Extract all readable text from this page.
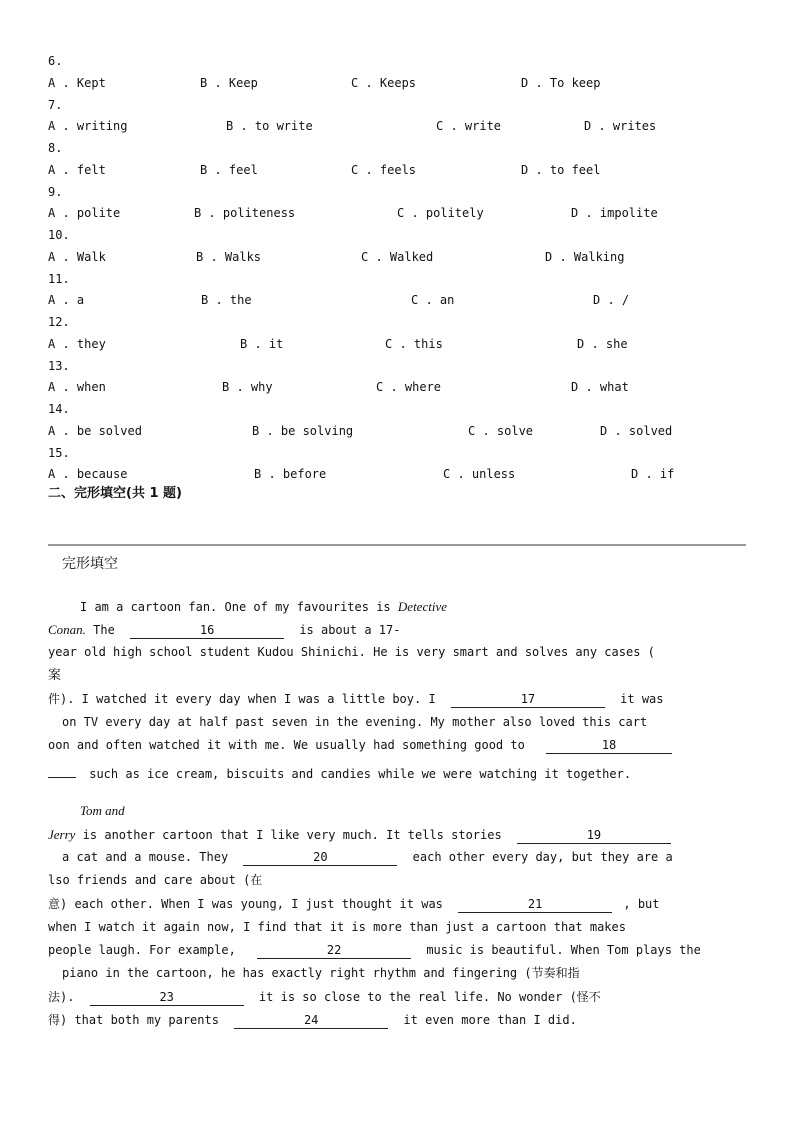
6.
A . Kept	B . Keep	C . Keeps	D . To keep
7.
A . writing	B . to write	C . write	D . writes
8.
A . felt	B . feel	C . feels	D . to feel
9.
A . polite	B . politeness	C . politely	D . impolite
10.
A . Walk	B . Walks	C . Walked	D . Walking
11.
A . a	B . the	C . an	D . /
12.
A . they	B . it	C . this	D . she
13.
A . when	B . why	C . where	D . what
14.
A . be solved	B . be solving	C . solve	D . solved
15.
A . because	B . before	C . unless	D . if
二、完形填空(共 1 题)
完形填空
I am a cartoon fan. One of my favourites is Detective
Conan. The	16	is about a 17-
year old high school student Kudou Shinichi. He is very smart and solves any cases (
案
件). I watched it every day when I was a little boy. I	17	it was
on TV every day at half past seven in the evening. My mother also loved this cart
oon and often watched it with me. We usually had something good to	18
such as ice cream, biscuits and candies while we were watching it together.
Tom and
Jerry is another cartoon that I like very much. It tells stories	19
a cat and a mouse. They	20	each other every day, but they are a
lso friends and care about (在
意) each other. When I was young, I just thought it was	21	, but
when I watch it again now, I find that it is more than just a cartoon that makes
people laugh. For example,	22	music is beautiful. When Tom plays the
piano in the cartoon, he has exactly right rhythm and fingering (节奏和指
法).	23	it is so close to the real life. No wonder (怪不
得) that both my parents	24	it even more than I did.
